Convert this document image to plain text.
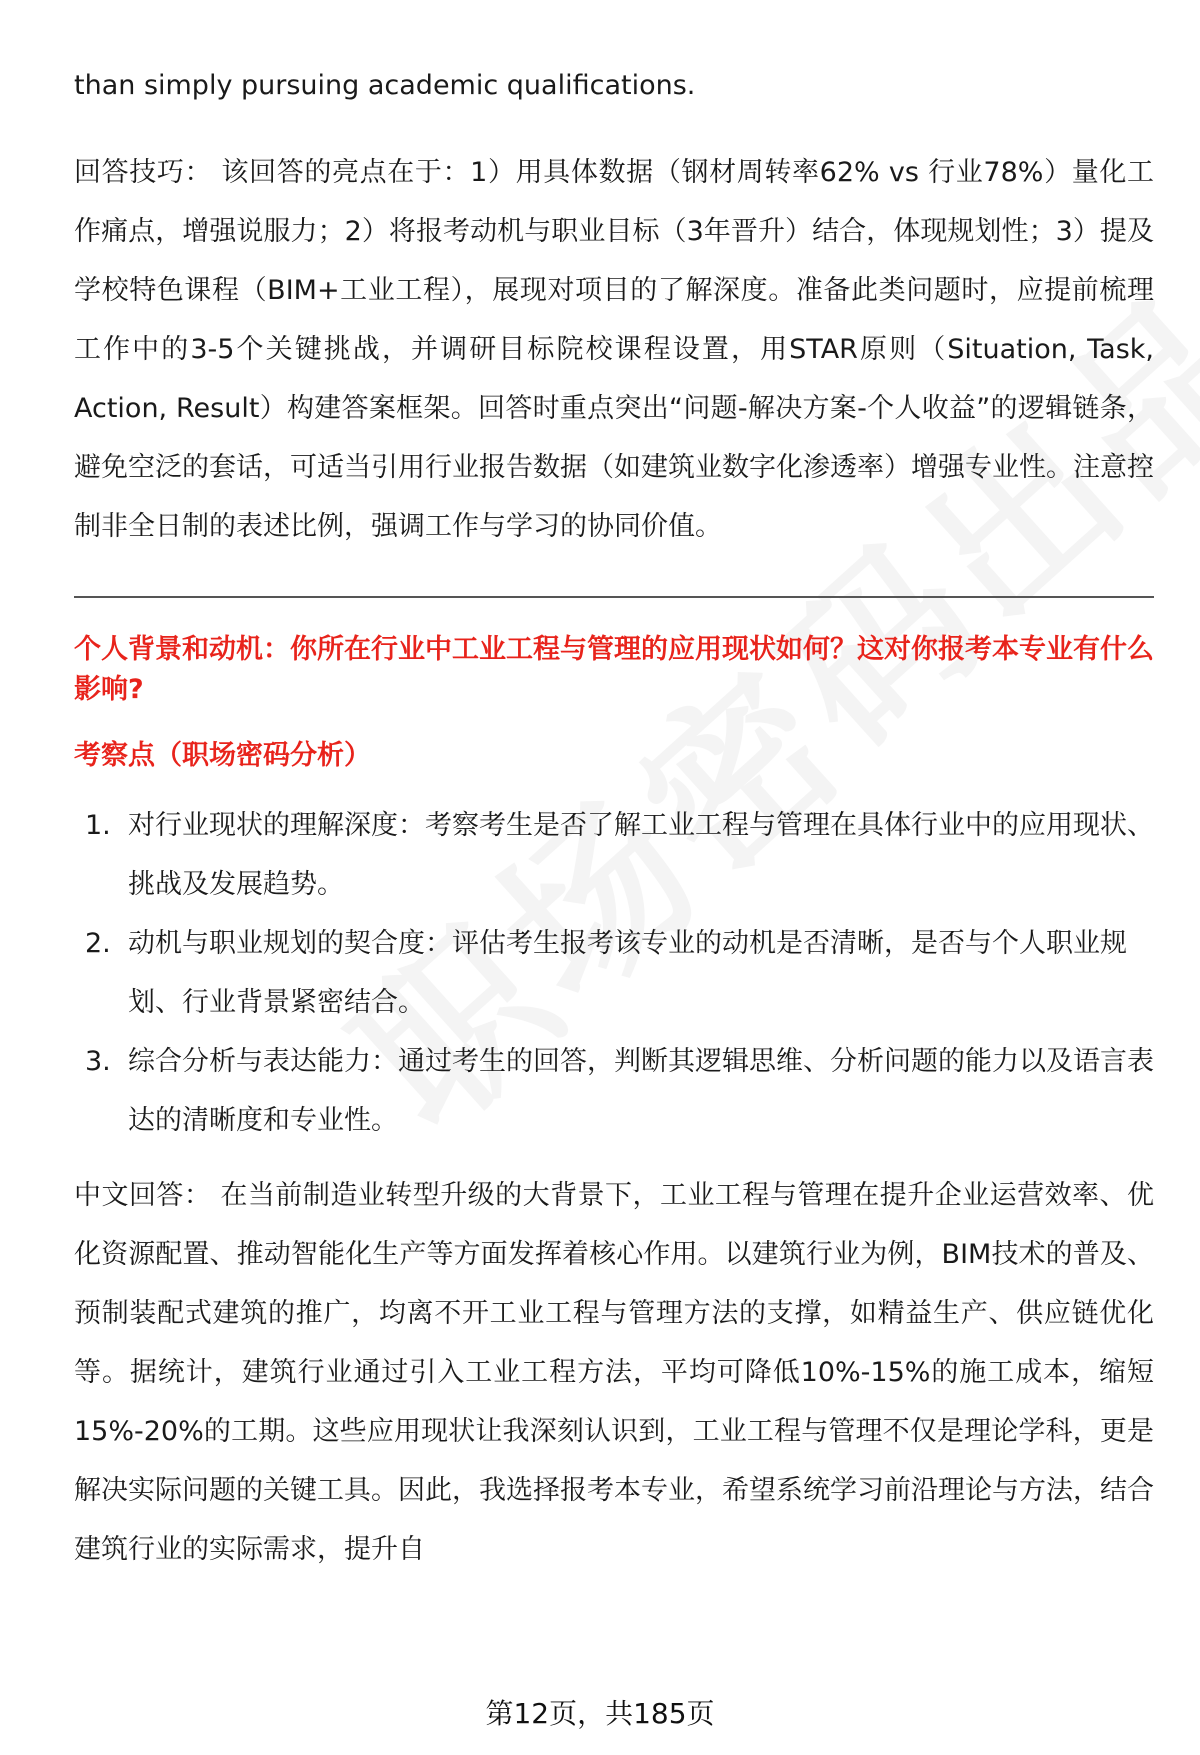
than simply pursuing academic qualifications.

回答技巧： 该回答的亮点在于：1）用具体数据（钢材周转率62% vs 行业78%）量化工作痛点，增强说服力；2）将报考动机与职业目标（3年晋升）结合，体现规划性；3）提及学校特色课程（BIM+工业工程），展现对项目的了解深度。准备此类问题时，应提前梳理工作中的3-5个关键挑战，并调研目标院校课程设置，用STAR原则（Situation, Task, Action, Result）构建答案框架。回答时重点突出“问题-解决方案-个人收益”的逻辑链条，避免空泛的套话，可适当引用行业报告数据（如建筑业数字化渗透率）增强专业性。注意控制非全日制的表述比例，强调工作与学习的协同价值。

个人背景和动机：你所在行业中工业工程与管理的应用现状如何？这对你报考本专业有什么影响?
考察点（职场密码分析）
1. 对行业现状的理解深度：考察考生是否了解工业工程与管理在具体行业中的应用现状、挑战及发展趋势。
2. 动机与职业规划的契合度：评估考生报考该专业的动机是否清晰，是否与个人职业规划、行业背景紧密结合。
3. 综合分析与表达能力：通过考生的回答，判断其逻辑思维、分析问题的能力以及语言表达的清晰度和专业性。

中文回答： 在当前制造业转型升级的大背景下，工业工程与管理在提升企业运营效率、优化资源配置、推动智能化生产等方面发挥着核心作用。以建筑行业为例，BIM技术的普及、预制装配式建筑的推广，均离不开工业工程与管理方法的支撑，如精益生产、供应链优化等。据统计，建筑行业通过引入工业工程方法，平均可降低10%-15%的施工成本，缩短15%-20%的工期。这些应用现状让我深刻认识到，工业工程与管理不仅是理论学科，更是解决实际问题的关键工具。因此，我选择报考本专业，希望系统学习前沿理论与方法，结合建筑行业的实际需求，提升自

第12页，共185页
